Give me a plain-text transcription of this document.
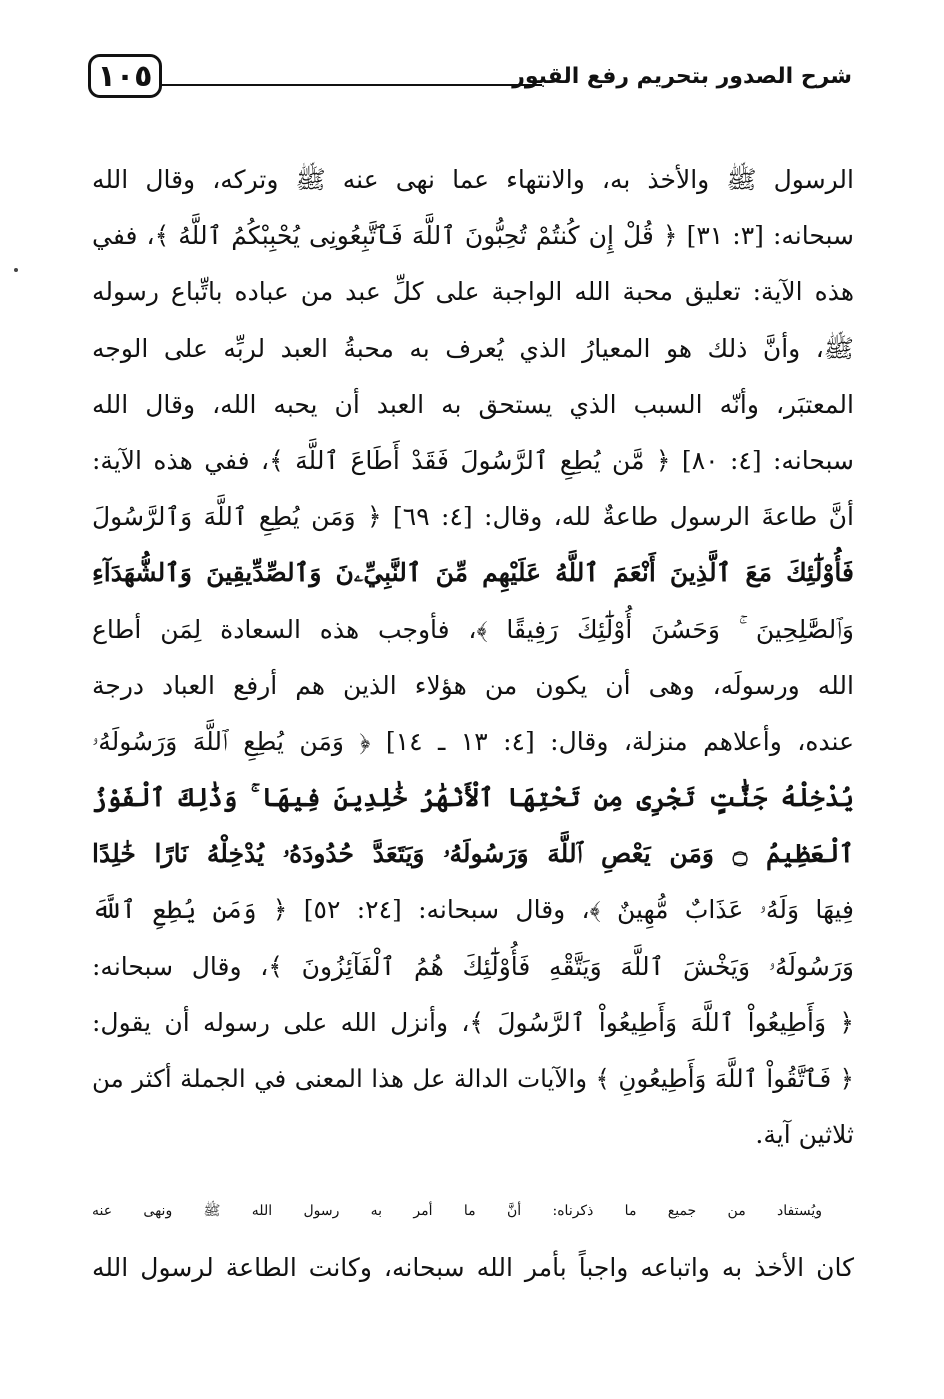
١٠٥	شرح الصدور بتحريم رفع القبور
الرسول ﷺ والأخذ به، والانتهاء عما نهى عنه ﷺ وتركه، وقال الله
سبحانه: [٣: ٣١] ﴿ قُلْ إِن كُنتُمْ تُحِبُّونَ ٱللَّهَ فَٱتَّبِعُونِى يُحْبِبْكُمُ ٱللَّهُ ﴾، ففي
هذه الآية: تعليق محبة الله الواجبة على كلِّ عبد من عباده باتِّباع رسوله
ﷺ، وأنَّ ذلك هو المعيارُ الذي يُعرف به محبةُ العبد لربِّه على الوجه
المعتبَر، وأنّه السبب الذي يستحق به العبد أن يحبه الله، وقال الله
سبحانه: [٤: ٨٠] ﴿ مَّن يُطِعِ ٱلرَّسُولَ فَقَدْ أَطَاعَ ٱللَّهَ ﴾، ففي هذه الآية:
أنَّ طاعةَ الرسول طاعةٌ لله، وقال: [٤: ٦٩] ﴿ وَمَن يُطِعِ ٱللَّهَ وَٱلرَّسُولَ
فَأُوْلَٰٓئِكَ مَعَ ٱلَّذِينَ أَنْعَمَ ٱللَّهُ عَلَيْهِم مِّنَ ٱلنَّبِيِّۦنَ وَٱلصِّدِّيقِينَ وَٱلشُّهَدَآءِ
وَٱلصَّٰلِحِينَ ۚ وَحَسُنَ أُوْلَٰٓئِكَ رَفِيقًا ﴾، فأوجب هذه السعادة لِمَن أطاع
الله ورسولَه، وهى أن يكون من هؤلاء الذين هم أرفع العباد درجة
عنده، وأعلاهم منزلة، وقال: [٤: ١٣ ـ ١٤] ﴿ وَمَن يُطِعِ ٱللَّهَ وَرَسُولَهُۥ
يُدْخِلْهُ جَنَّٰتٍ تَجْرِى مِن تَحْتِهَا ٱلْأَنْهَٰرُ خَٰلِدِينَ فِيهَا ۚ وَذَٰلِكَ ٱلْفَوْزُ
ٱلْعَظِيمُ ۝ وَمَن يَعْصِ ٱللَّهَ وَرَسُولَهُۥ وَيَتَعَدَّ حُدُودَهُۥ يُدْخِلْهُ نَارًا خَٰلِدًا
فِيهَا وَلَهُۥ عَذَابٌ مُّهِينٌ ﴾، وقال سبحانه: [٢٤: ٥٢] ﴿ وَمَن يُطِعِ ٱللَّهَ
وَرَسُولَهُۥ وَيَخْشَ ٱللَّهَ وَيَتَّقْهِ فَأُوْلَٰٓئِكَ هُمُ ٱلْفَآئِزُونَ ﴾، وقال سبحانه:
﴿ وَأَطِيعُواْ ٱللَّهَ وَأَطِيعُواْ ٱلرَّسُولَ ﴾، وأنزل الله على رسوله أن يقول:
﴿ فَٱتَّقُواْ ٱللَّهَ وَأَطِيعُونِ ﴾ والآيات الدالة عل هذا المعنى في الجملة أكثر من
ثلاثين آية.
ويُستفاد من جميع ما ذكرناه: أنَّ ما أمر به رسول الله ﷺ ونهى عنه
كان الأخذ به واتباعه واجباً بأمر الله سبحانه، وكانت الطاعة لرسول الله
